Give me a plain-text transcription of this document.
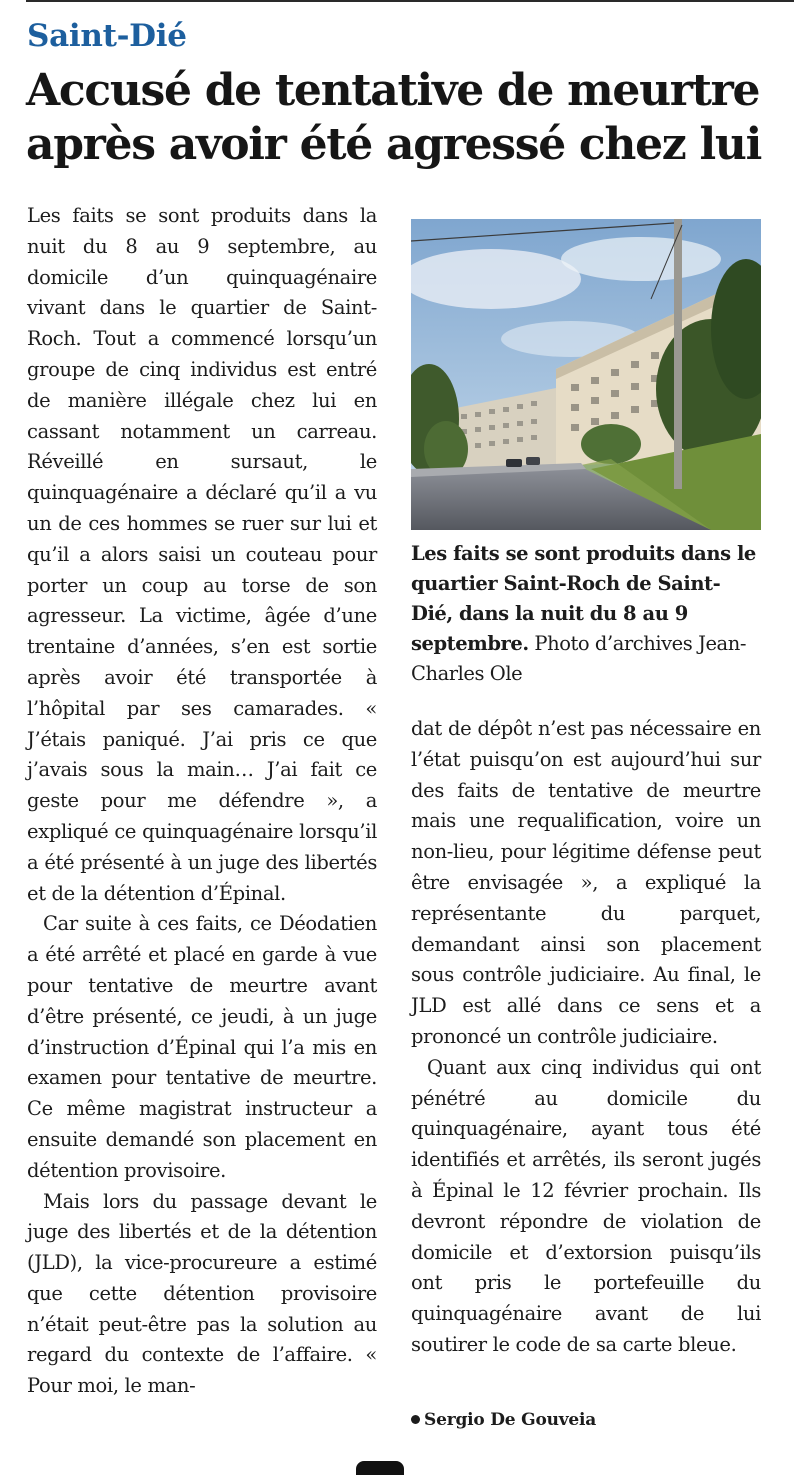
Saint-Dié
Accusé de tentative de meurtre après avoir été agressé chez lui

Les faits se sont produits dans la nuit du 8 au 9 septembre, au domicile d’un quinquagénaire vivant dans le quartier de Saint-Roch. Tout a commencé lorsqu’un groupe de cinq individus est entré de manière illégale chez lui en cassant notamment un carreau. Réveillé en sursaut, le quinquagénaire a déclaré qu’il a vu un de ces hommes se ruer sur lui et qu’il a alors saisi un couteau pour porter un coup au torse de son agresseur. La victime, âgée d’une trentaine d’années, s’en est sortie après avoir été transportée à l’hôpital par ses camarades. « J’étais paniqué. J’ai pris ce que j’avais sous la main… J’ai fait ce geste pour me défendre », a expliqué ce quinquagénaire lorsqu’il a été présenté à un juge des libertés et de la détention d’Épinal.

Car suite à ces faits, ce Déodatien a été arrêté et placé en garde à vue pour tentative de meurtre avant d’être présenté, ce jeudi, à un juge d’instruction d’Épinal qui l’a mis en examen pour tentative de meurtre. Ce même magistrat instructeur a ensuite demandé son placement en détention provisoire.

Mais lors du passage devant le juge des libertés et de la détention (JLD), la vice-procureure a estimé que cette détention provisoire n’était peut-être pas la solution au regard du contexte de l’affaire. « Pour moi, le man-

Les faits se sont produits dans le quartier Saint-Roch de Saint-Dié, dans la nuit du 8 au 9 septembre. Photo d’archives Jean-Charles Ole

dat de dépôt n’est pas nécessaire en l’état puisqu’on est aujourd’hui sur des faits de tentative de meurtre mais une requalification, voire un non-lieu, pour légitime défense peut être envisagée », a expliqué la représentante du parquet, demandant ainsi son placement sous contrôle judiciaire. Au final, le JLD est allé dans ce sens et a prononcé un contrôle judiciaire.

Quant aux cinq individus qui ont pénétré au domicile du quinquagénaire, ayant tous été identifiés et arrêtés, ils seront jugés à Épinal le 12 février prochain. Ils devront répondre de violation de domicile et d’extorsion puisqu’ils ont pris le portefeuille du quinquagénaire avant de lui soutirer le code de sa carte bleue.

Sergio De Gouveia
